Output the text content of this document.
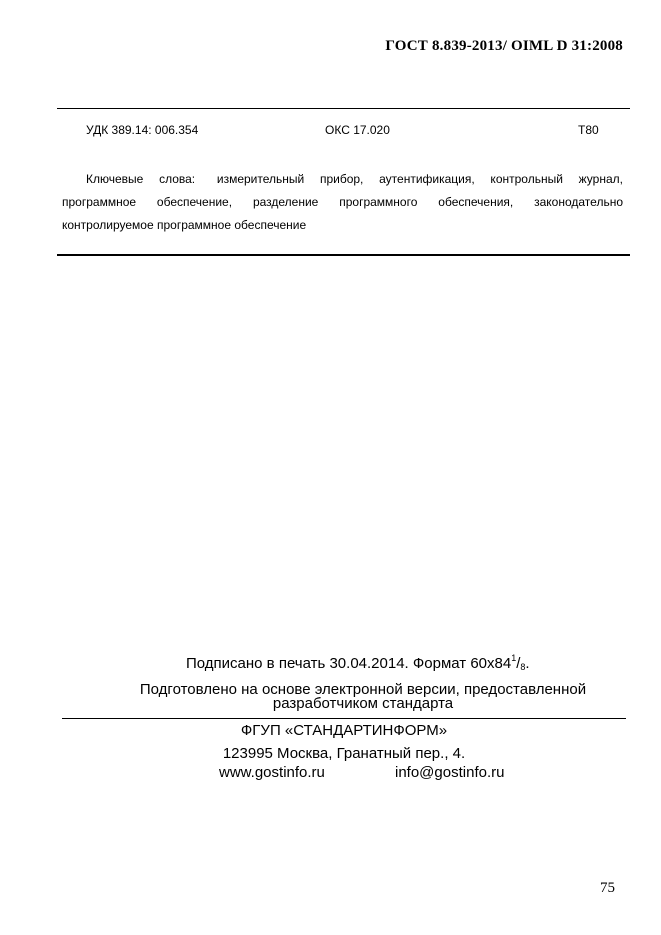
ГОСТ 8.839-2013/ OIML D 31:2008
УДК 389.14: 006.354	ОКС 17.020	Т80
Ключевые слова: измерительный прибор, аутентификация, контрольный журнал, программное обеспечение, разделение программного обеспечения, законодательно контролируемое программное обеспечение
Подписано в печать 30.04.2014. Формат $60х84^1/_8$.
Подготовлено на основе электронной версии, предоставленной разработчиком стандарта
ФГУП «СТАНДАРТИНФОРМ»
123995 Москва, Гранатный пер., 4.
www.gostinfo.ru	info@gostinfo.ru
75
